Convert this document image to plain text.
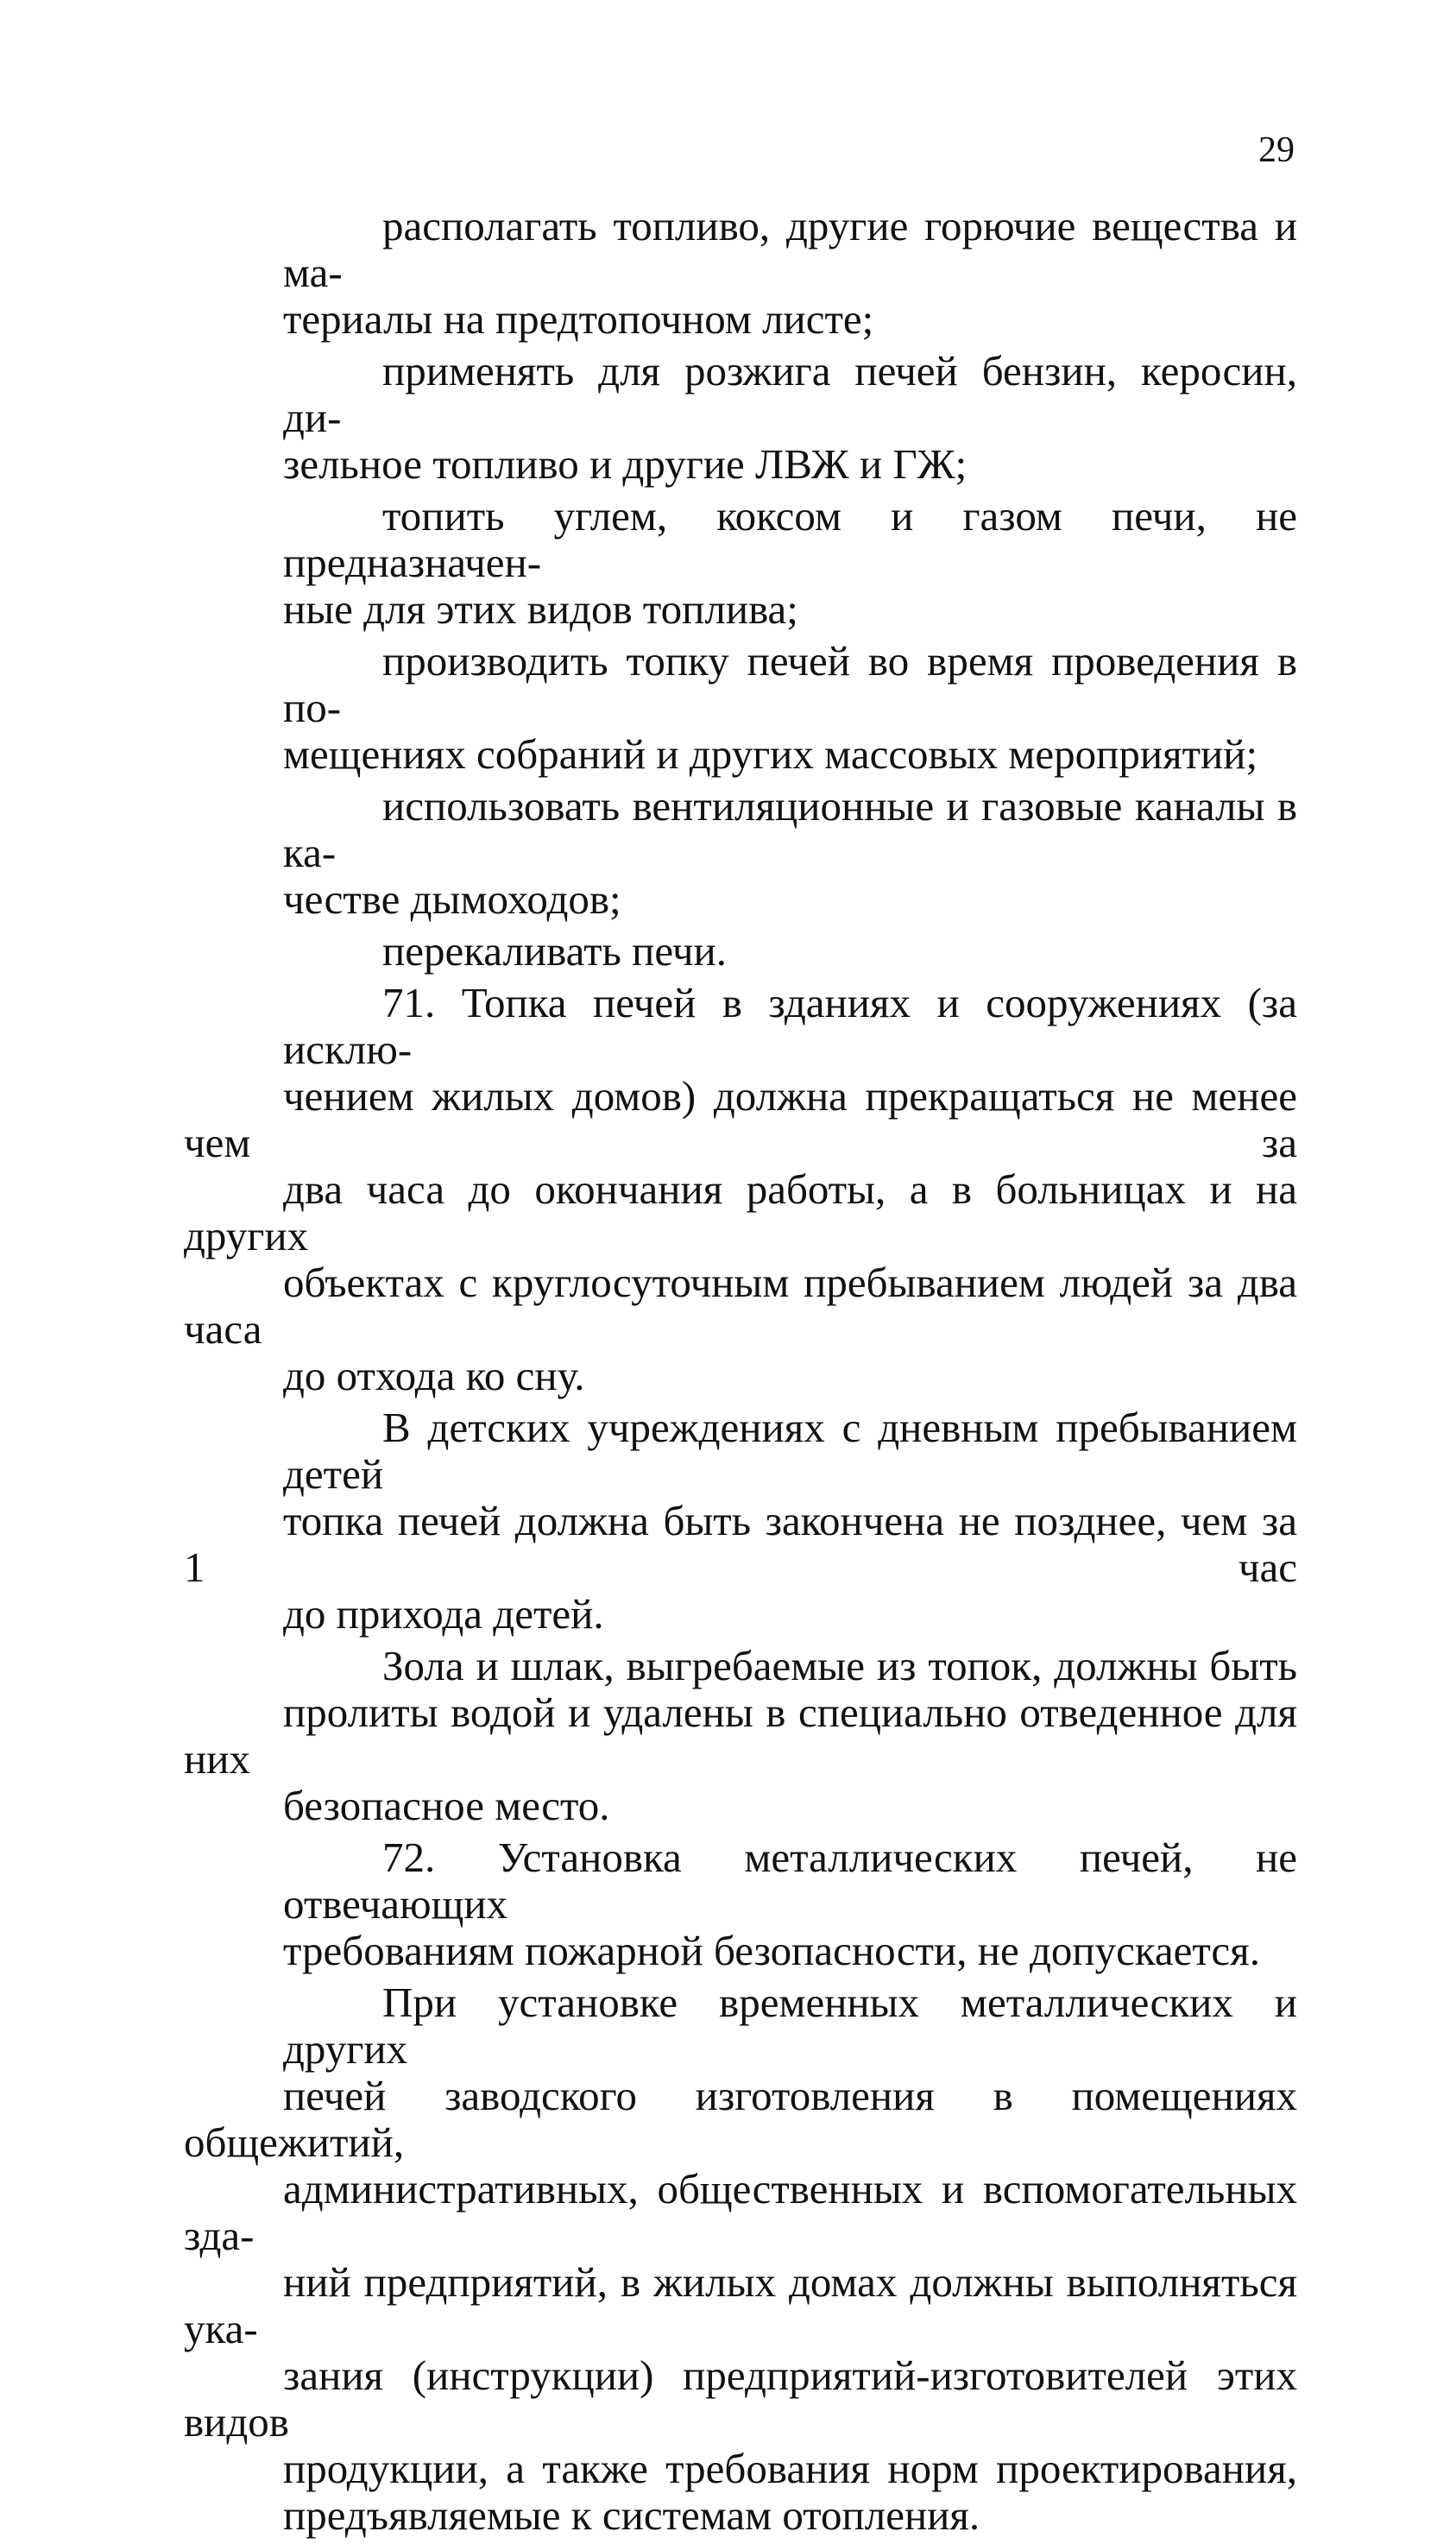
29
располагать топливо, другие горючие вещества и ма-
териалы на предтопочном листе;
применять для розжига печей бензин, керосин, ди-
зельное топливо и другие ЛВЖ и ГЖ;
топить углем, коксом и газом печи, не предназначен-
ные для этих видов топлива;
производить топку печей во время проведения в по-
мещениях собраний и других массовых мероприятий;
использовать вентиляционные и газовые каналы в ка-
честве дымоходов;
перекаливать печи.
71. Топка печей в зданиях и сооружениях (за исклю-
чением жилых домов) должна прекращаться не менее чем за
два часа до окончания работы, а в больницах и на других
объектах с круглосуточным пребыванием людей за два часа
до отхода ко сну.
В детских учреждениях с дневным пребыванием детей
топка печей должна быть закончена не позднее, чем за 1 час
до прихода детей.
Зола и шлак, выгребаемые из топок, должны быть
пролиты водой и удалены в специально отведенное для них
безопасное место.
72. Установка металлических печей, не отвечающих
требованиям пожарной безопасности, не допускается.
При установке временных металлических и других
печей заводского изготовления в помещениях общежитий,
административных, общественных и вспомогательных зда-
ний предприятий, в жилых домах должны выполняться ука-
зания (инструкции) предприятий-изготовителей этих видов
продукции, а также требования норм проектирования,
предъявляемые к системам отопления.
